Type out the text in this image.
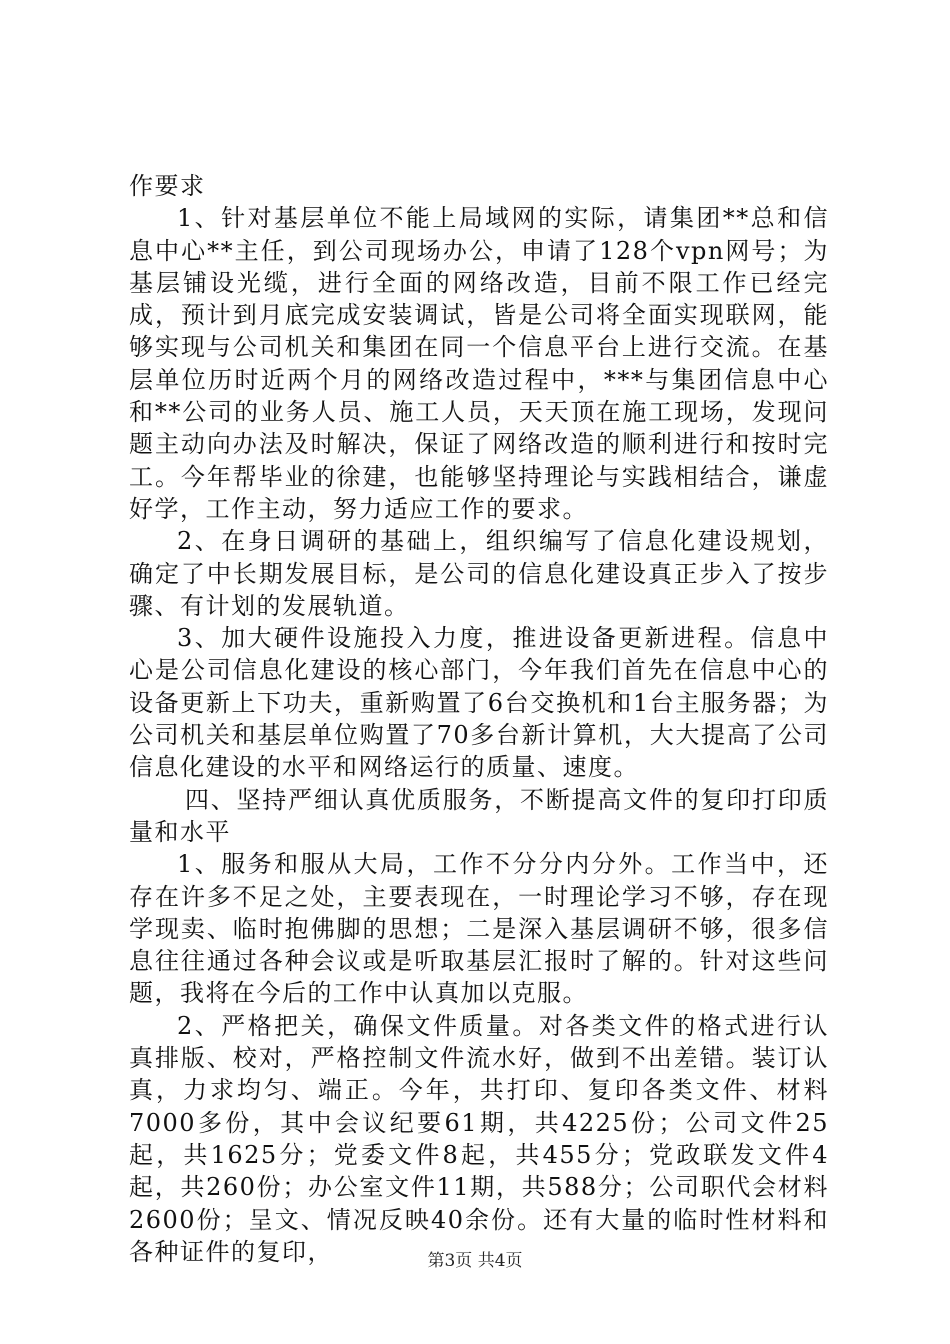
作要求

1、针对基层单位不能上局域网的实际，请集团**总和信息中心**主任，到公司现场办公，申请了128个vpn网号；为基层铺设光缆，进行全面的网络改造，目前不限工作已经完成，预计到月底完成安装调试，皆是公司将全面实现联网，能够实现与公司机关和集团在同一个信息平台上进行交流。在基层单位历时近两个月的网络改造过程中，***与集团信息中心和**公司的业务人员、施工人员，天天顶在施工现场，发现问题主动向办法及时解决，保证了网络改造的顺利进行和按时完工。今年帮毕业的徐建，也能够坚持理论与实践相结合，谦虚好学，工作主动，努力适应工作的要求。

2、在身日调研的基础上，组织编写了信息化建设规划，确定了中长期发展目标，是公司的信息化建设真正步入了按步骤、有计划的发展轨道。

3、加大硬件设施投入力度，推进设备更新进程。信息中心是公司信息化建设的核心部门，今年我们首先在信息中心的设备更新上下功夫，重新购置了6台交换机和1台主服务器；为公司机关和基层单位购置了70多台新计算机，大大提高了公司信息化建设的水平和网络运行的质量、速度。

四、坚持严细认真优质服务，不断提高文件的复印打印质量和水平

1、服务和服从大局，工作不分分内分外。工作当中，还存在许多不足之处，主要表现在，一时理论学习不够，存在现学现卖、临时抱佛脚的思想；二是深入基层调研不够，很多信息往往通过各种会议或是听取基层汇报时了解的。针对这些问题，我将在今后的工作中认真加以克服。

2、严格把关，确保文件质量。对各类文件的格式进行认真排版、校对，严格控制文件流水好，做到不出差错。装订认真，力求均匀、端正。今年，共打印、复印各类文件、材料7000多份，其中会议纪要61期，共4225份；公司文件25起，共1625分；党委文件8起，共455分；党政联发文件4起，共260份；办公室文件11期，共588分；公司职代会材料2600份；呈文、情况反映40余份。还有大量的临时性材料和各种证件的复印，	第3页 共4页
